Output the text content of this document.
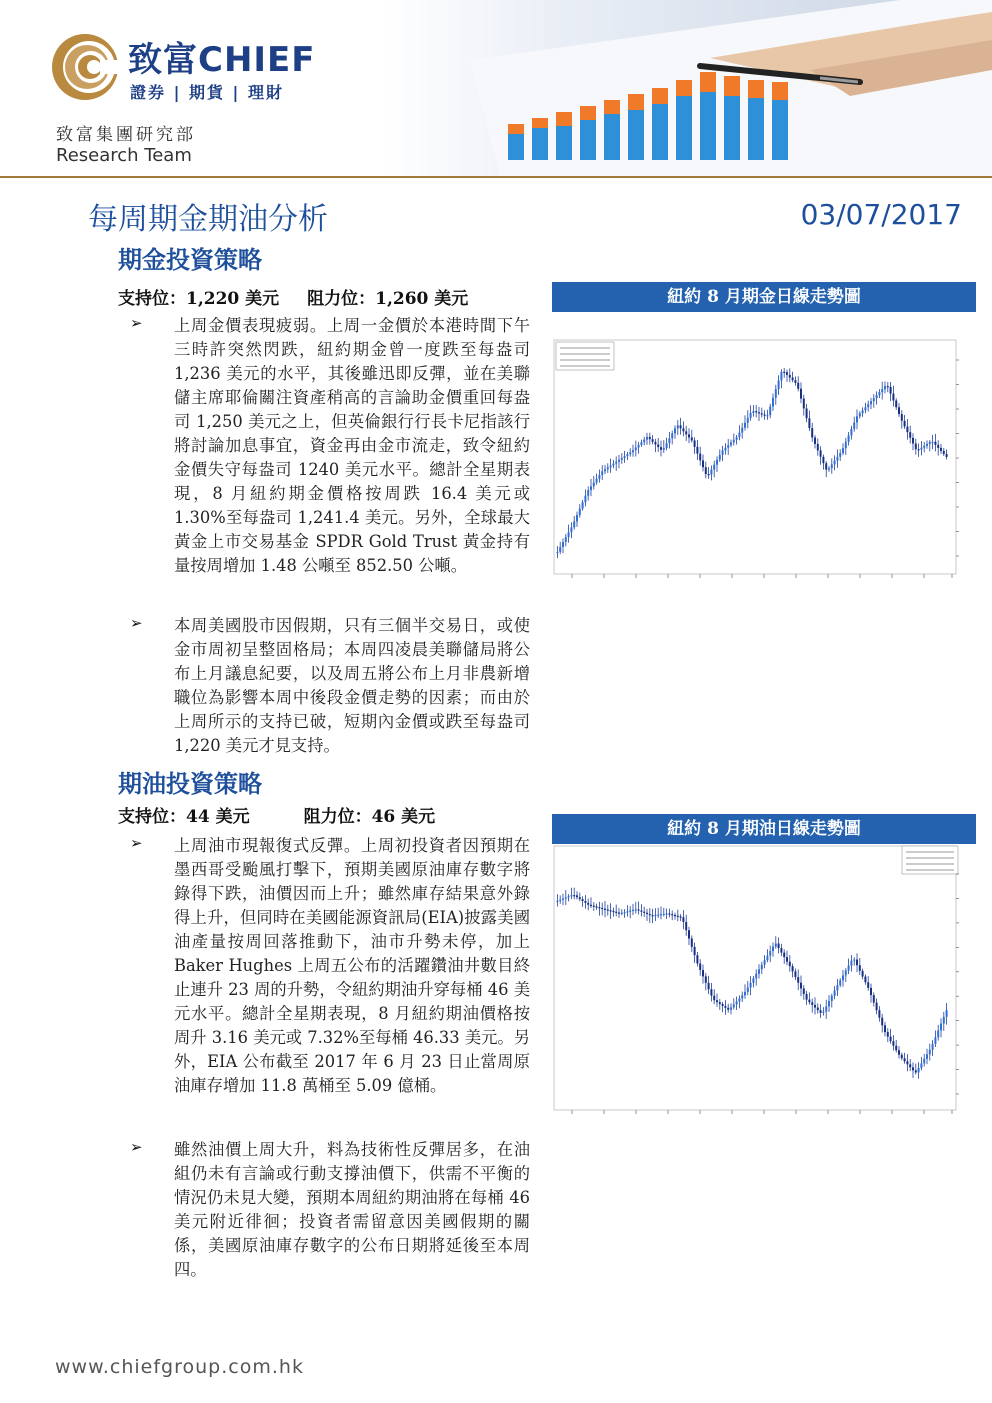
致富CHIEF
證券 | 期貨 | 理財
致富集團研究部
Research Team
每周期金期油分析	03/07/2017
期金投資策略
支持位：1,220 美元 阻力位：1,260 美元
➢ 上周金價表現疲弱。上周一金價於本港時間下午三時許突然閃跌，紐約期金曾一度跌至每盎司 1,236 美元的水平，其後雖迅即反彈，並在美聯儲主席耶倫關注資產稍高的言論助金價重回每盎司 1,250 美元之上，但英倫銀行行長卡尼指該行將討論加息事宜，資金再由金市流走，致令紐約金價失守每盎司 1240 美元水平。總計全星期表現，8 月紐約期金價格按周跌 16.4 美元或 1.30%至每盎司 1,241.4 美元。另外，全球最大黃金上市交易基金 SPDR Gold Trust 黃金持有量按周增加 1.48 公噸至 852.50 公噸。
➢ 本周美國股市因假期，只有三個半交易日，或使金市周初呈整固格局；本周四凌晨美聯儲局將公布上月議息紀要，以及周五將公布上月非農新增職位為影響本周中後段金價走勢的因素；而由於上周所示的支持已破，短期內金價或跌至每盎司 1,220 美元才見支持。
紐約 8 月期金日線走勢圖
期油投資策略
支持位：44 美元	阻力位：46 美元
➢ 上周油市現報復式反彈。上周初投資者因預期在墨西哥受颱風打擊下，預期美國原油庫存數字將錄得下跌，油價因而上升；雖然庫存結果意外錄得上升，但同時在美國能源資訊局(EIA)披露美國油產量按周回落推動下，油市升勢未停，加上 Baker Hughes 上周五公布的活躍鑽油井數目終止連升 23 周的升勢，令紐約期油升穿每桶 46 美元水平。總計全星期表現，8 月紐約期油價格按周升 3.16 美元或 7.32%至每桶 46.33 美元。另外，EIA 公布截至 2017 年 6 月 23 日止當周原油庫存增加 11.8 萬桶至 5.09 億桶。
➢ 雖然油價上周大升，料為技術性反彈居多，在油組仍未有言論或行動支撐油價下，供需不平衡的情況仍未見大變，預期本周紐約期油將在每桶 46 美元附近徘徊；投資者需留意因美國假期的關係，美國原油庫存數字的公布日期將延後至本周四。
紐約 8 月期油日線走勢圖
www.chiefgroup.com.hk
